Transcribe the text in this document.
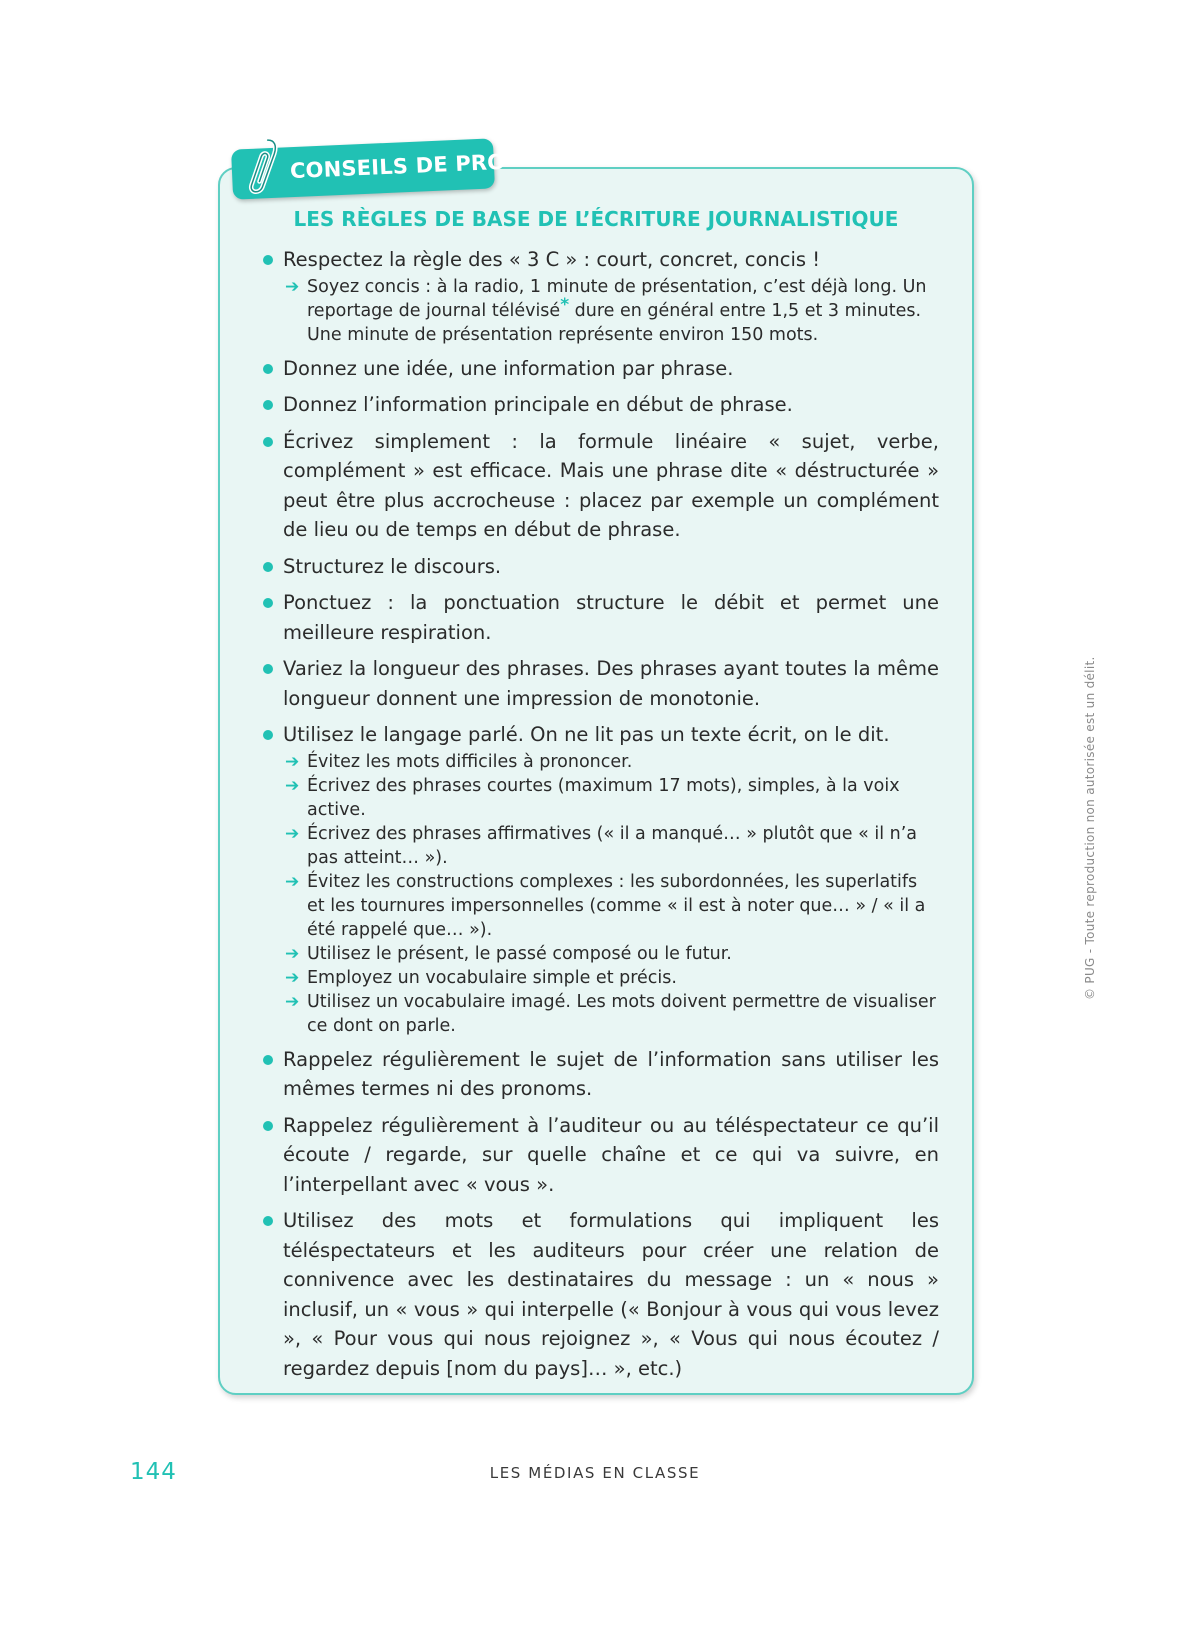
CONSEILS DE PRO
LES RÈGLES DE BASE DE L’ÉCRITURE JOURNALISTIQUE
Respectez la règle des « 3 C » : court, concret, concis !
➔ Soyez concis : à la radio, 1 minute de présentation, c’est déjà long. Un reportage de journal télévisé* dure en général entre 1,5 et 3 minutes. Une minute de présentation représente environ 150 mots.
Donnez une idée, une information par phrase.
Donnez l’information principale en début de phrase.
Écrivez simplement : la formule linéaire « sujet, verbe, complément » est efficace. Mais une phrase dite « déstructurée » peut être plus accrocheuse : placez par exemple un complément de lieu ou de temps en début de phrase.
Structurez le discours.
Ponctuez : la ponctuation structure le débit et permet une meilleure respiration.
Variez la longueur des phrases. Des phrases ayant toutes la même longueur donnent une impression de monotonie.
Utilisez le langage parlé. On ne lit pas un texte écrit, on le dit.
➔ Évitez les mots difficiles à prononcer.
➔ Écrivez des phrases courtes (maximum 17 mots), simples, à la voix active.
➔ Écrivez des phrases affirmatives (« il a manqué… » plutôt que « il n’a pas atteint… »).
➔ Évitez les constructions complexes : les subordonnées, les superlatifs et les tournures impersonnelles (comme « il est à noter que… » / « il a été rappelé que… »).
➔ Utilisez le présent, le passé composé ou le futur.
➔ Employez un vocabulaire simple et précis.
➔ Utilisez un vocabulaire imagé. Les mots doivent permettre de visualiser ce dont on parle.
Rappelez régulièrement le sujet de l’information sans utiliser les mêmes termes ni des pronoms.
Rappelez régulièrement à l’auditeur ou au téléspectateur ce qu’il écoute / regarde, sur quelle chaîne et ce qui va suivre, en l’interpellant avec « vous ».
Utilisez des mots et formulations qui impliquent les téléspectateurs et les auditeurs pour créer une relation de connivence avec les destinataires du message : un « nous » inclusif, un « vous » qui interpelle (« Bonjour à vous qui vous levez », « Pour vous qui nous rejoignez », « Vous qui nous écoutez / regardez depuis [nom du pays]… », etc.)
© PUG - Toute reproduction non autorisée est un délit.
144	LES MÉDIAS EN CLASSE
